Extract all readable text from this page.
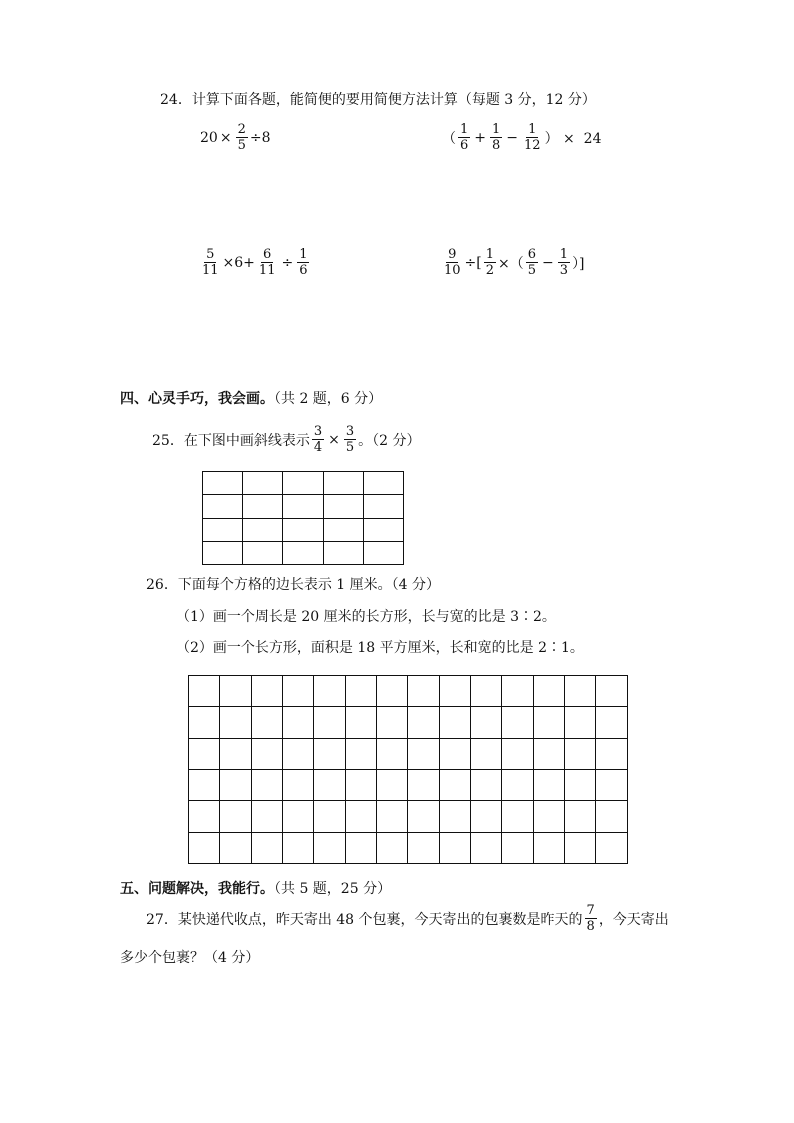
24．计算下面各题，能简便的要用简便方法计算（每题 3 分，12 分）
$20 \times \frac{2}{5} \div 8$	（ $\frac{1}{6} + \frac{1}{8} - \frac{1}{12}$ ） ×  24
$\frac{5}{11} \times 6+ \frac{6}{11} \div \frac{1}{6}$	$\frac{9}{10}$ ÷[ $\frac{1}{2}$ ×（ $\frac{6}{5} - \frac{1}{3}$ ）]
四、心灵手巧，我会画。（共 2 题，6 分）
25．在下图中画斜线表示 $\frac{3}{4} \times \frac{3}{5}$ 。（2 分）

26．下面每个方格的边长表示 1 厘米。（4 分）
（1）画一个周长是 20 厘米的长方形，长与宽的比是 3∶2。
（2）画一个长方形，面积是 18 平方厘米，长和宽的比是 2∶1。

五、问题解决，我能行。（共 5 题，25 分）
27．某快递代收点，昨天寄出 48 个包裹，今天寄出的包裹数是昨天的 $\frac{7}{8}$ ，今天寄出
多少个包裹？（4 分）
